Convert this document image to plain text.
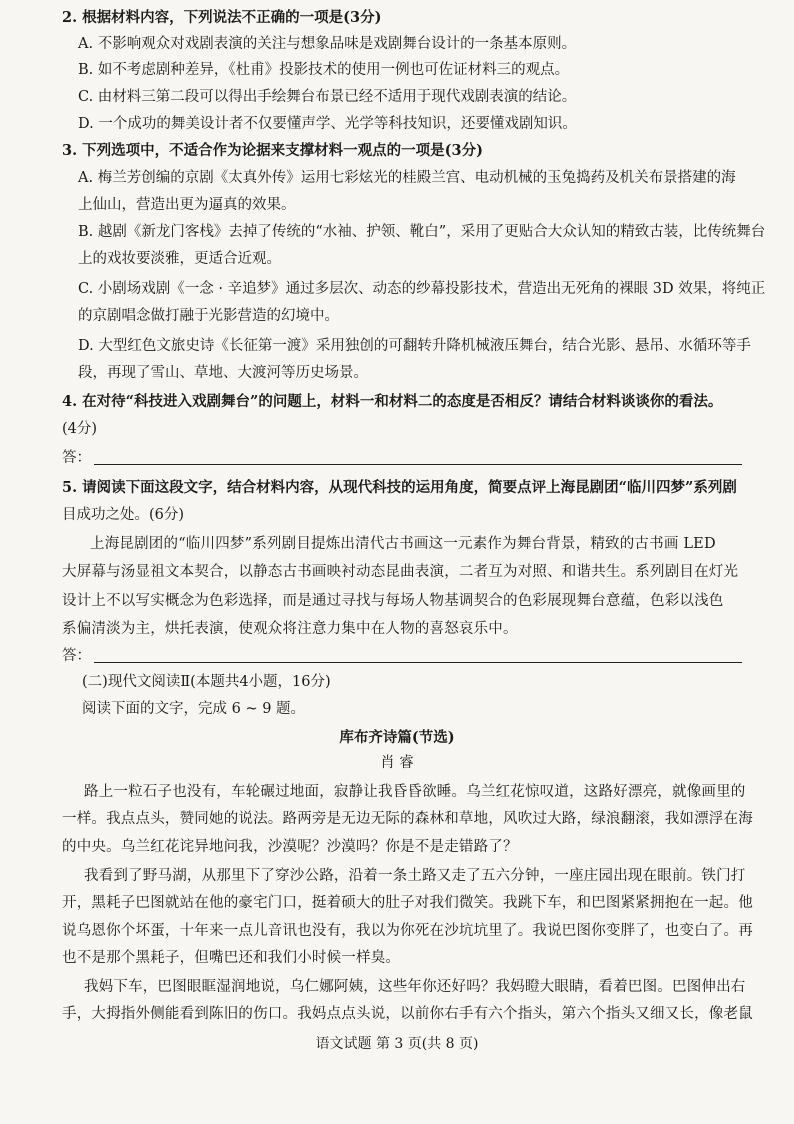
2. 根据材料内容，下列说法不正确的一项是(3分)
A. 不影响观众对戏剧表演的关注与想象品味是戏剧舞台设计的一条基本原则。
B. 如不考虑剧种差异，《杜甫》投影技术的使用一例也可佐证材料三的观点。
C. 由材料三第二段可以得出手绘舞台布景已经不适用于现代戏剧表演的结论。
D. 一个成功的舞美设计者不仅要懂声学、光学等科技知识，还要懂戏剧知识。
3. 下列选项中，不适合作为论据来支撑材料一观点的一项是(3分)
A. 梅兰芳创编的京剧《太真外传》运用七彩炫光的桂殿兰宫、电动机械的玉兔捣药及机关布景搭建的海
上仙山，营造出更为逼真的效果。
B. 越剧《新龙门客栈》去掉了传统的“水袖、护领、靴白”，采用了更贴合大众认知的精致古装，比传统舞台
上的戏妆要淡雅，更适合近观。
C. 小剧场戏剧《一念 · 辛追梦》通过多层次、动态的纱幕投影技术，营造出无死角的裸眼 3D 效果，将纯正
的京剧唱念做打融于光影营造的幻境中。
D. 大型红色文旅史诗《长征第一渡》采用独创的可翻转升降机械液压舞台，结合光影、悬吊、水循环等手
段，再现了雪山、草地、大渡河等历史场景。
4. 在对待“科技进入戏剧舞台”的问题上，材料一和材料二的态度是否相反？请结合材料谈谈你的看法。
(4分)
答：
5. 请阅读下面这段文字，结合材料内容，从现代科技的运用角度，简要点评上海昆剧团“临川四梦”系列剧
目成功之处。(6分)
上海昆剧团的“临川四梦”系列剧目提炼出清代古书画这一元素作为舞台背景，精致的古书画 LED
大屏幕与汤显祖文本契合，以静态古书画映衬动态昆曲表演，二者互为对照、和谐共生。系列剧目在灯光
设计上不以写实概念为色彩选择，而是通过寻找与每场人物基调契合的色彩展现舞台意蕴，色彩以浅色
系偏清淡为主，烘托表演，使观众将注意力集中在人物的喜怒哀乐中。
答：
(二)现代文阅读Ⅱ(本题共4小题，16分)
阅读下面的文字，完成 6 ~ 9 题。
库布齐诗篇(节选)
肖 睿
路上一粒石子也没有，车轮碾过地面，寂静让我昏昏欲睡。乌兰红花惊叹道，这路好漂亮，就像画里的
一样。我点点头，赞同她的说法。路两旁是无边无际的森林和草地，风吹过大路，绿浪翻滚，我如漂浮在海
的中央。乌兰红花诧异地问我，沙漠呢？沙漠吗？你是不是走错路了？
我看到了野马湖，从那里下了穿沙公路，沿着一条土路又走了五六分钟，一座庄园出现在眼前。铁门打
开，黑耗子巴图就站在他的豪宅门口，挺着硕大的肚子对我们微笑。我跳下车，和巴图紧紧拥抱在一起。他
说乌恩你个坏蛋，十年来一点儿音讯也没有，我以为你死在沙坑坑里了。我说巴图你变胖了，也变白了。再
也不是那个黑耗子，但嘴巴还和我们小时候一样臭。
我妈下车，巴图眼眶湿润地说，乌仁娜阿姨，这些年你还好吗？我妈瞪大眼睛，看着巴图。巴图伸出右
手，大拇指外侧能看到陈旧的伤口。我妈点点头说，以前你右手有六个指头，第六个指头又细又长，像老鼠
语文试题 第 3 页(共 8 页)
